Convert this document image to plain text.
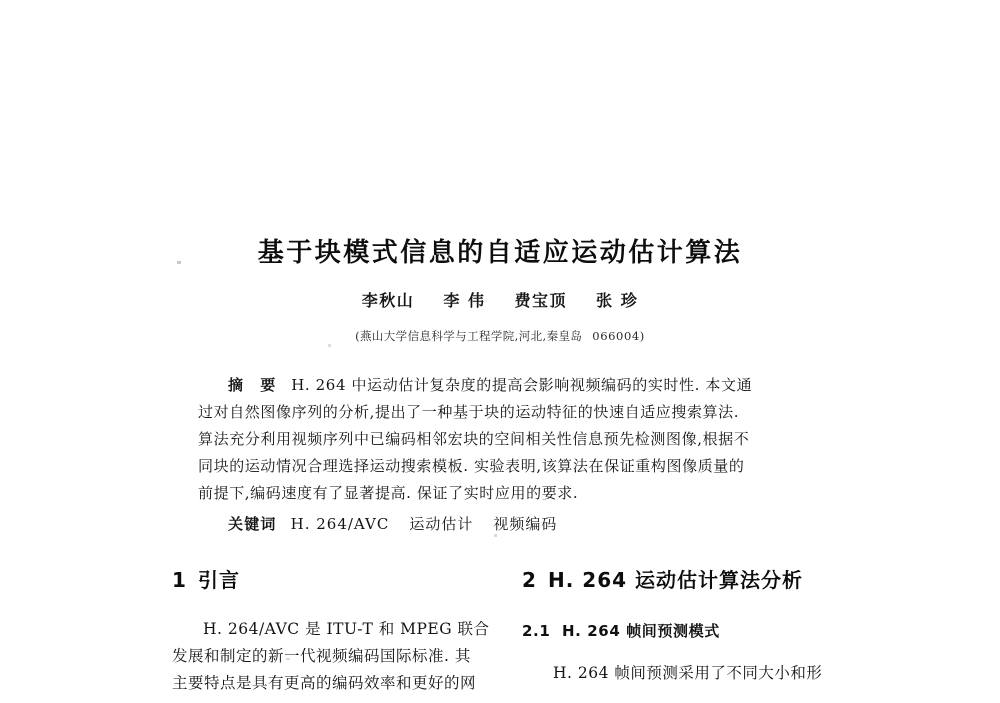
基于块模式信息的自适应运动估计算法
李秋山 李 伟 费宝顶 张 珍
(燕山大学信息科学与工程学院,河北,秦皇岛 066004)
摘 要 H. 264 中运动估计复杂度的提高会影响视频编码的实时性. 本文通
过对自然图像序列的分析,提出了一种基于块的运动特征的快速自适应搜索算法.
算法充分利用视频序列中已编码相邻宏块的空间相关性信息预先检测图像,根据不
同块的运动情况合理选择运动搜索模板. 实验表明,该算法在保证重构图像质量的
前提下,编码速度有了显著提高. 保证了实时应用的要求.
关键词 H. 264/AVC 运动估计 视频编码
1 引言
H. 264/AVC 是 ITU-T 和 MPEG 联合
发展和制定的新一代视频编码国际标准. 其
主要特点是具有更高的编码效率和更好的网
2 H. 264 运动估计算法分析
2.1 H. 264 帧间预测模式
H. 264 帧间预测采用了不同大小和形
